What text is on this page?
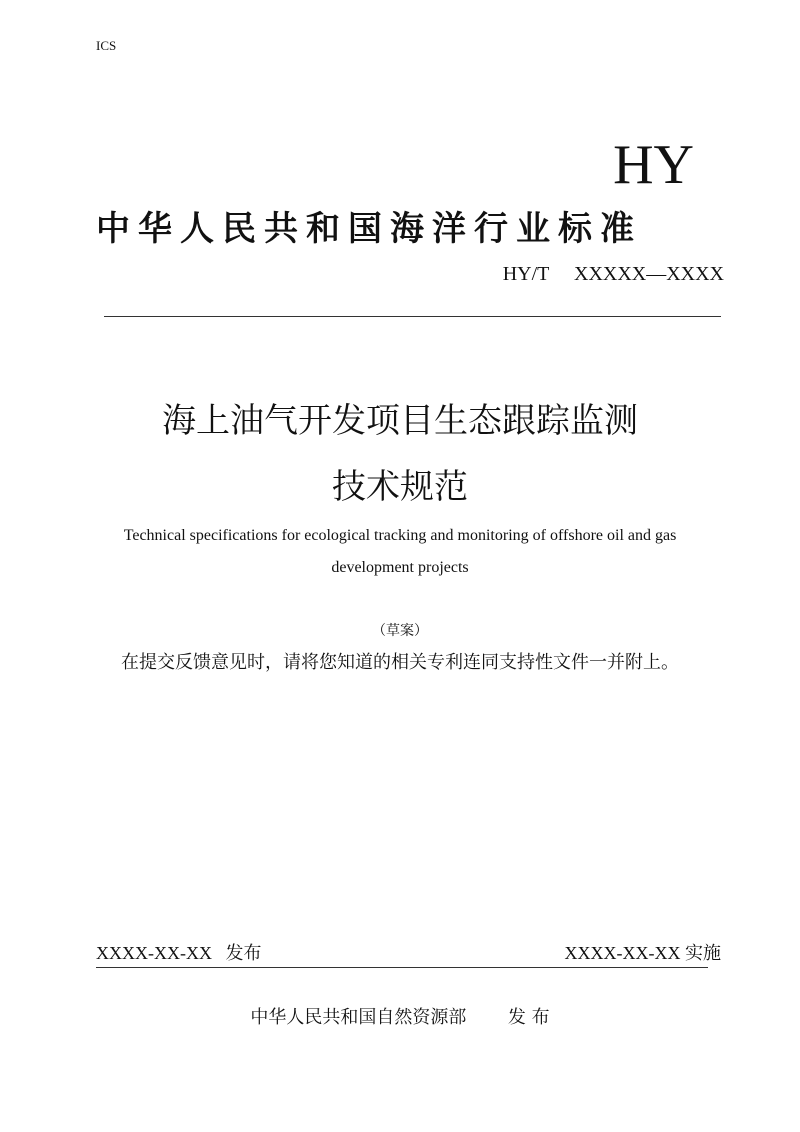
ICS
HY
中华人民共和国海洋行业标准
HY/T XXXXX—XXXX
海上油气开发项目生态跟踪监测
技术规范
Technical specifications for ecological tracking and monitoring of offshore oil and gas
development projects
（草案）
在提交反馈意见时，请将您知道的相关专利连同支持性文件一并附上。
XXXX-XX-XX 发布	XXXX-XX-XX 实施
中华人民共和国自然资源部 发 布
